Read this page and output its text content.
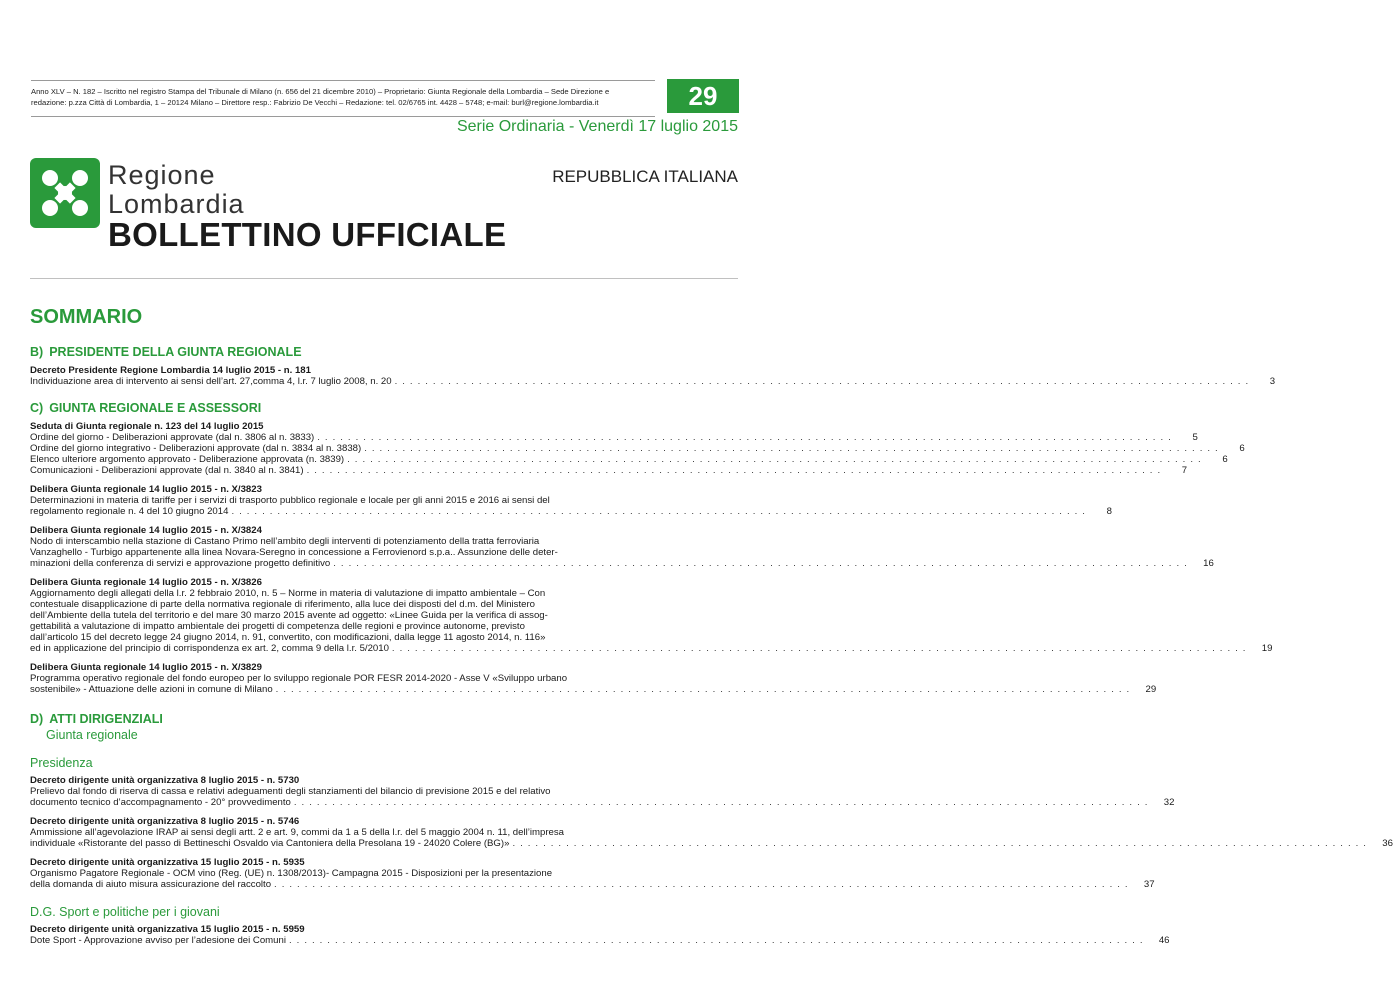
Anno XLV – N. 182 – Iscritto nel registro Stampa del Tribunale di Milano (n. 656 del 21 dicembre 2010) – Proprietario: Giunta Regionale della Lombardia – Sede Direzione e
redazione: p.zza Città di Lombardia, 1 – 20124 Milano – Direttore resp.: Fabrizio De Vecchi – Redazione: tel. 02/6765 int. 4428 – 5748; e-mail: burl@regione.lombardia.it	29
Serie Ordinaria - Venerdì 17 luglio 2015
Regione
Lombardia
REPUBBLICA ITALIANA
BOLLETTINO UFFICIALE
SOMMARIO

B) PRESIDENTE DELLA GIUNTA REGIONALE

Decreto Presidente Regione Lombardia 14 luglio 2015 - n. 181

Individuazione area di intervento ai sensi dell’art. 27,comma 4, l.r. 7 luglio 2008, n. 20 ................................................................................................................	3

C) GIUNTA REGIONALE E ASSESSORI

Seduta di Giunta regionale n. 123 del 14 luglio 2015

Ordine del giorno - Deliberazioni approvate (dal n. 3806 al n. 3833) ................................................................................................................	5
Ordine del giorno integrativo - Deliberazioni approvate (dal n. 3834 al n. 3838) ................................................................................................................	6
Elenco ulteriore argomento approvato - Deliberazione approvata (n. 3839) ................................................................................................................	6
Comunicazioni - Deliberazioni approvate (dal n. 3840 al n. 3841) ................................................................................................................	7

Delibera Giunta regionale 14 luglio 2015 - n. X/3823

Determinazioni in materia di tariffe per i servizi di trasporto pubblico regionale e locale per gli anni 2015 e 2016 ai sensi del

regolamento regionale n. 4 del 10 giugno 2014 ................................................................................................................	8

Delibera Giunta regionale 14 luglio 2015 - n. X/3824

Nodo di interscambio nella stazione di Castano Primo nell’ambito degli interventi di potenziamento della tratta ferroviaria

Vanzaghello - Turbigo appartenente alla linea Novara-Seregno in concessione a Ferrovienord s.p.a.. Assunzione delle deter-

minazioni della conferenza di servizi e approvazione progetto definitivo ................................................................................................................	16

Delibera Giunta regionale 14 luglio 2015 - n. X/3826

Aggiornamento degli allegati della l.r. 2 febbraio 2010, n. 5 – Norme in materia di valutazione di impatto ambientale – Con

contestuale disapplicazione di parte della normativa regionale di riferimento, alla luce dei disposti del d.m. del Ministero

dell’Ambiente della tutela del territorio e del mare 30 marzo 2015 avente ad oggetto: «Linee Guida per la verifica di assog-

gettabilità a valutazione di impatto ambientale dei progetti di competenza delle regioni e province autonome, previsto

dall’articolo 15 del decreto legge 24 giugno 2014, n. 91, convertito, con modificazioni, dalla legge 11 agosto 2014, n. 116»

ed in applicazione del principio di corrispondenza ex art. 2, comma 9 della l.r. 5/2010 ................................................................................................................	19

Delibera Giunta regionale 14 luglio 2015 - n. X/3829

Programma operativo regionale del fondo europeo per lo sviluppo regionale POR FESR 2014-2020 - Asse V «Sviluppo urbano

sostenibile» - Attuazione delle azioni in comune di Milano ................................................................................................................	29

D) ATTI DIRIGENZIALI

Giunta regionale

Presidenza

Decreto dirigente unità organizzativa 8 luglio 2015 - n. 5730

Prelievo dal fondo di riserva di cassa e relativi adeguamenti degli stanziamenti del bilancio di previsione 2015 e del relativo

documento tecnico d’accompagnamento - 20° provvedimento ................................................................................................................	32

Decreto dirigente unità organizzativa 8 luglio 2015 - n. 5746

Ammissione all’agevolazione IRAP ai sensi degli artt. 2 e art. 9, commi da 1 a 5 della l.r. del 5 maggio 2004 n. 11, dell’impresa

individuale «Ristorante del passo di Bettineschi Osvaldo via Cantoniera della Presolana 19 - 24020 Colere (BG)» ................................................................................................................	36

Decreto dirigente unità organizzativa 15 luglio 2015 - n. 5935

Organismo Pagatore Regionale - OCM vino (Reg. (UE) n. 1308/2013)- Campagna 2015 - Disposizioni per la presentazione

della domanda di aiuto misura assicurazione del raccolto ................................................................................................................	37

D.G. Sport e politiche per i giovani

Decreto dirigente unità organizzativa 15 luglio 2015 - n. 5959

Dote Sport - Approvazione avviso per l’adesione dei Comuni ................................................................................................................	46
